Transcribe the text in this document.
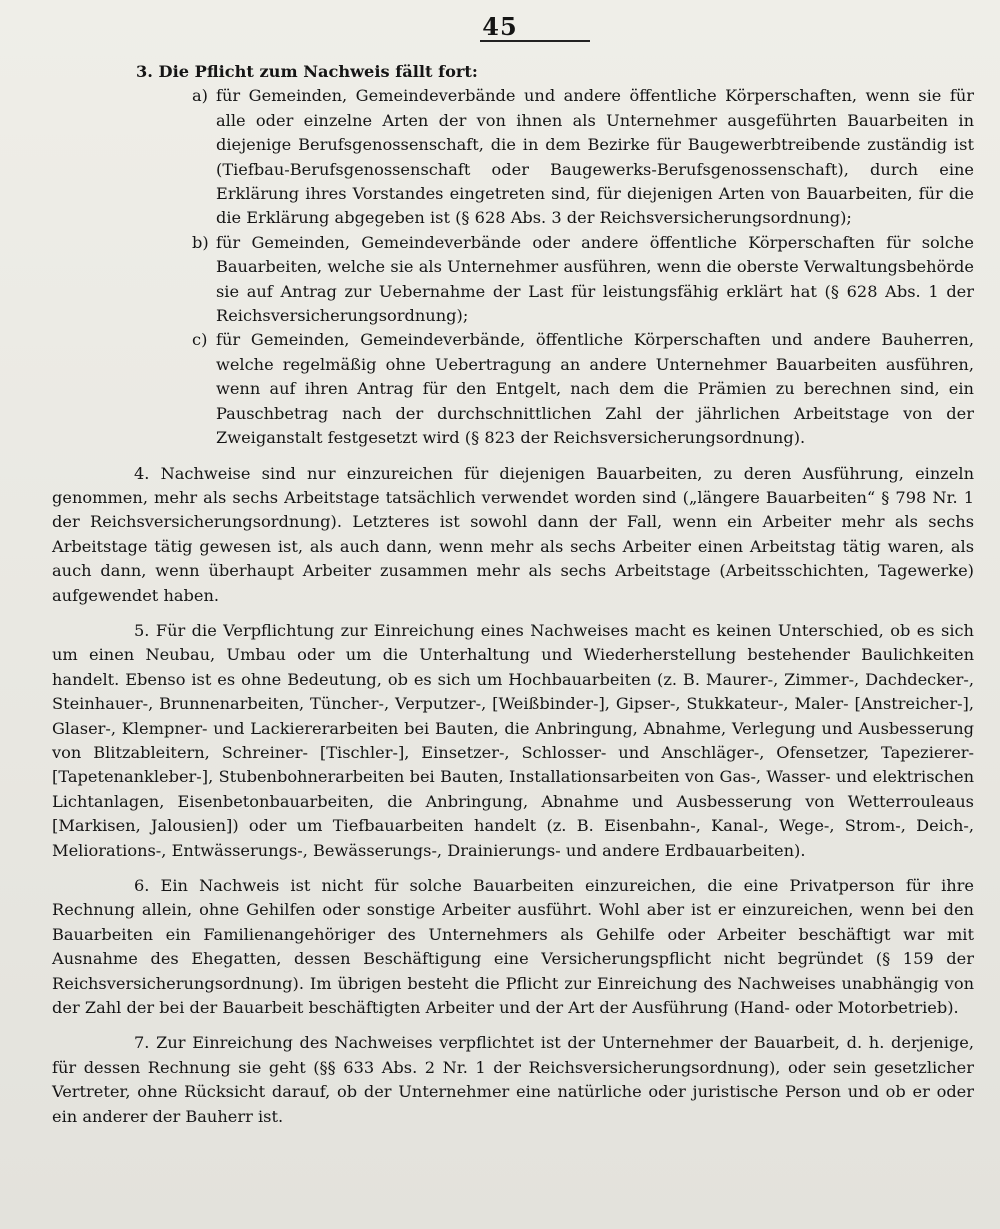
45

3. Die Pflicht zum Nachweis fällt fort:

a) für Gemeinden, Gemeindeverbände und andere öffentliche Körperschaften, wenn sie für alle oder einzelne Arten der von ihnen als Unternehmer ausgeführten Bauarbeiten in diejenige Berufsgenossenschaft, die in dem Bezirke für Baugewerbtreibende zuständig ist (Tiefbau-Berufsgenossenschaft oder Baugewerks-Berufsgenossenschaft), durch eine Erklärung ihres Vorstandes eingetreten sind, für diejenigen Arten von Bauarbeiten, für die die Erklärung abgegeben ist (§ 628 Abs. 3 der Reichsversicherungsordnung);
b) für Gemeinden, Gemeindeverbände oder andere öffentliche Körperschaften für solche Bauarbeiten, welche sie als Unternehmer ausführen, wenn die oberste Verwaltungsbehörde sie auf Antrag zur Uebernahme der Last für leistungsfähig erklärt hat (§ 628 Abs. 1 der Reichsversicherungsordnung);
c) für Gemeinden, Gemeindeverbände, öffentliche Körperschaften und andere Bauherren, welche regelmäßig ohne Uebertragung an andere Unternehmer Bauarbeiten ausführen, wenn auf ihren Antrag für den Entgelt, nach dem die Prämien zu berechnen sind, ein Pauschbetrag nach der durchschnittlichen Zahl der jährlichen Arbeitstage von der Zweiganstalt festgesetzt wird (§ 823 der Reichsversicherungsordnung).

4. Nachweise sind nur einzureichen für diejenigen Bauarbeiten, zu deren Ausführung, einzeln genommen, mehr als sechs Arbeitstage tatsächlich verwendet worden sind („längere Bauarbeiten“ § 798 Nr. 1 der Reichsversicherungsordnung). Letzteres ist sowohl dann der Fall, wenn ein Arbeiter mehr als sechs Arbeitstage tätig gewesen ist, als auch dann, wenn mehr als sechs Arbeiter einen Arbeitstag tätig waren, als auch dann, wenn überhaupt Arbeiter zusammen mehr als sechs Arbeitstage (Arbeitsschichten, Tagewerke) aufgewendet haben.

5. Für die Verpflichtung zur Einreichung eines Nachweises macht es keinen Unterschied, ob es sich um einen Neubau, Umbau oder um die Unterhaltung und Wiederherstellung bestehender Baulichkeiten handelt. Ebenso ist es ohne Bedeutung, ob es sich um Hochbauarbeiten (z. B. Maurer-, Zimmer-, Dachdecker-, Steinhauer-, Brunnenarbeiten, Tüncher-, Verputzer-, [Weißbinder-], Gipser-, Stukkateur-, Maler- [Anstreicher-], Glaser-, Klempner- und Lackiererarbeiten bei Bauten, die Anbringung, Abnahme, Verlegung und Ausbesserung von Blitzableitern, Schreiner- [Tischler-], Einsetzer-, Schlosser- und Anschläger-, Ofensetzer, Tapezierer- [Tapetenankleber-], Stubenbohnerarbeiten bei Bauten, Installationsarbeiten von Gas-, Wasser- und elektrischen Lichtanlagen, Eisenbetonbauarbeiten, die Anbringung, Abnahme und Ausbesserung von Wetterrouleaus [Markisen, Jalousien]) oder um Tiefbauarbeiten handelt (z. B. Eisenbahn-, Kanal-, Wege-, Strom-, Deich-, Meliorations-, Entwässerungs-, Bewässerungs-, Drainierungs- und andere Erdbauarbeiten).

6. Ein Nachweis ist nicht für solche Bauarbeiten einzureichen, die eine Privatperson für ihre Rechnung allein, ohne Gehilfen oder sonstige Arbeiter ausführt. Wohl aber ist er einzureichen, wenn bei den Bauarbeiten ein Familienangehöriger des Unternehmers als Gehilfe oder Arbeiter beschäftigt war mit Ausnahme des Ehegatten, dessen Beschäftigung eine Versicherungspflicht nicht begründet (§ 159 der Reichsversicherungsordnung). Im übrigen besteht die Pflicht zur Einreichung des Nachweises unabhängig von der Zahl der bei der Bauarbeit beschäftigten Arbeiter und der Art der Ausführung (Hand- oder Motorbetrieb).

7. Zur Einreichung des Nachweises verpflichtet ist der Unternehmer der Bauarbeit, d. h. derjenige, für dessen Rechnung sie geht (§§ 633 Abs. 2 Nr. 1 der Reichsversicherungsordnung), oder sein gesetzlicher Vertreter, ohne Rücksicht darauf, ob der Unternehmer eine natürliche oder juristische Person und ob er oder ein anderer der Bauherr ist.
